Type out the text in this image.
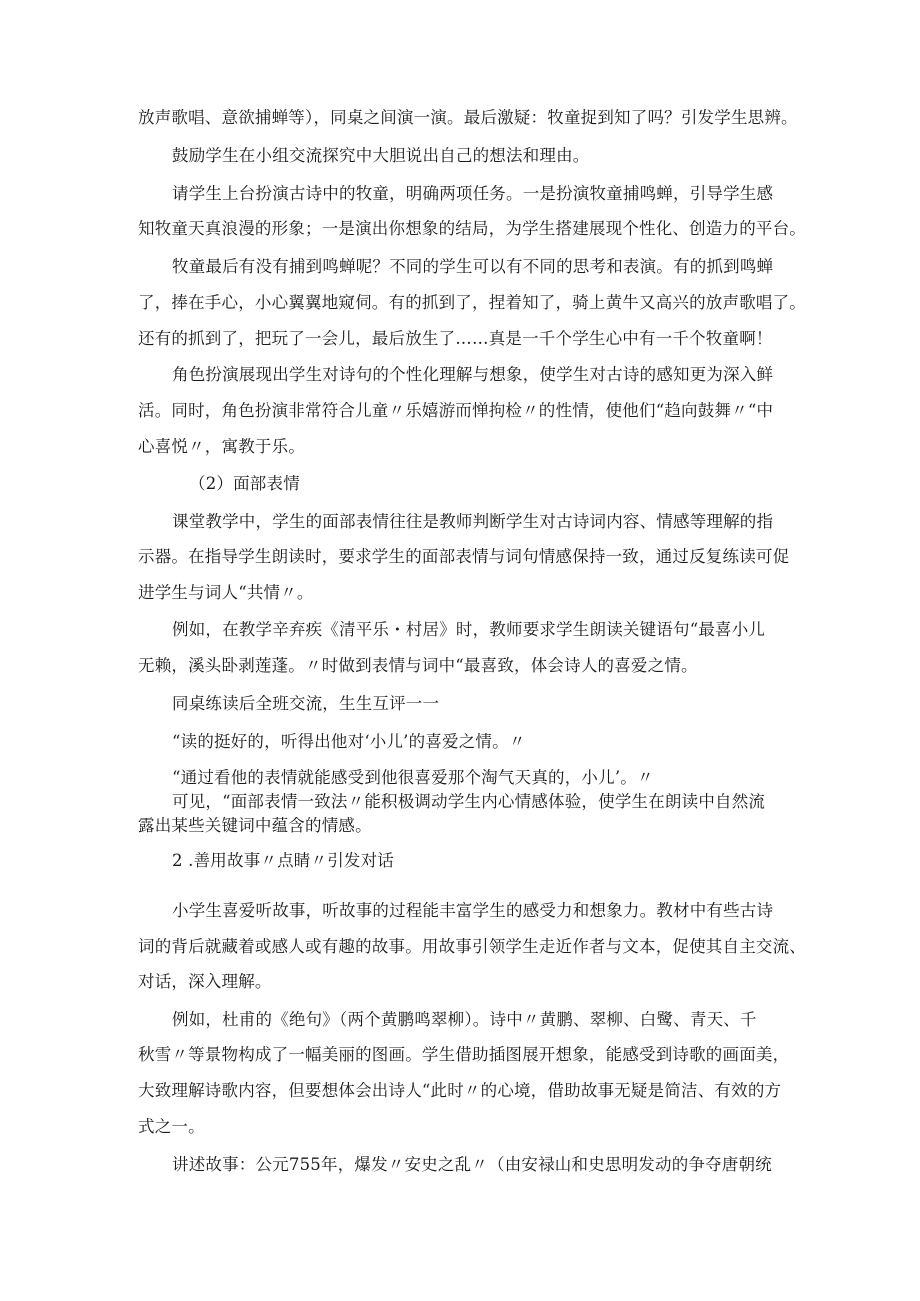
放声歌唱、意欲捕蝉等），同桌之间演一演。最后激疑：牧童捉到知了吗？引发学生思辨。
鼓励学生在小组交流探究中大胆说出自己的想法和理由。
请学生上台扮演古诗中的牧童，明确两项任务。一是扮演牧童捕鸣蝉，引导学生感
知牧童天真浪漫的形象；一是演出你想象的结局，为学生搭建展现个性化、创造力的平台。
牧童最后有没有捕到鸣蝉呢？不同的学生可以有不同的思考和表演。有的抓到鸣蝉
了，捧在手心，小心翼翼地窥伺。有的抓到了，捏着知了，骑上黄牛又高兴的放声歌唱了。
还有的抓到了，把玩了一会儿，最后放生了……真是一千个学生心中有一千个牧童啊！
角色扮演展现出学生对诗句的个性化理解与想象，使学生对古诗的感知更为深入鲜
活。同时，角色扮演非常符合儿童〃乐嬉游而惮拘检〃的性情，使他们“趋向鼓舞〃“中
心喜悦〃，寓教于乐。
（2）面部表情
课堂教学中，学生的面部表情往往是教师判断学生对古诗词内容、情感等理解的指
示器。在指导学生朗读时，要求学生的面部表情与词句情感保持一致，通过反复练读可促
进学生与词人“共情〃。
例如，在教学辛弃疾《清平乐・村居》时，教师要求学生朗读关键语句“最喜小儿
无赖，溪头卧剥莲蓬。〃时做到表情与词中“最喜致，体会诗人的喜爱之情。
同桌练读后全班交流，生生互评一一
“读的挺好的，听得出他对‘小儿’的喜爱之情。〃
“通过看他的表情就能感受到他很喜爱那个淘气天真的，小儿’。〃
可见，“面部表情一致法〃能积极调动学生内心情感体验，使学生在朗读中自然流
露出某些关键词中蕴含的情感。
2 .善用故事〃点睛〃引发对话
小学生喜爱听故事，听故事的过程能丰富学生的感受力和想象力。教材中有些古诗
词的背后就藏着或感人或有趣的故事。用故事引领学生走近作者与文本，促使其自主交流、
对话，深入理解。
例如，杜甫的《绝句》（两个黄鹏鸣翠柳）。诗中〃黄鹏、翠柳、白鹭、青天、千
秋雪〃等景物构成了一幅美丽的图画。学生借助插图展开想象，能感受到诗歌的画面美，
大致理解诗歌内容，但要想体会出诗人“此时〃的心境，借助故事无疑是简洁、有效的方
式之一。
讲述故事：公元755年，爆发〃安史之乱〃（由安禄山和史思明发动的争夺唐朝统
